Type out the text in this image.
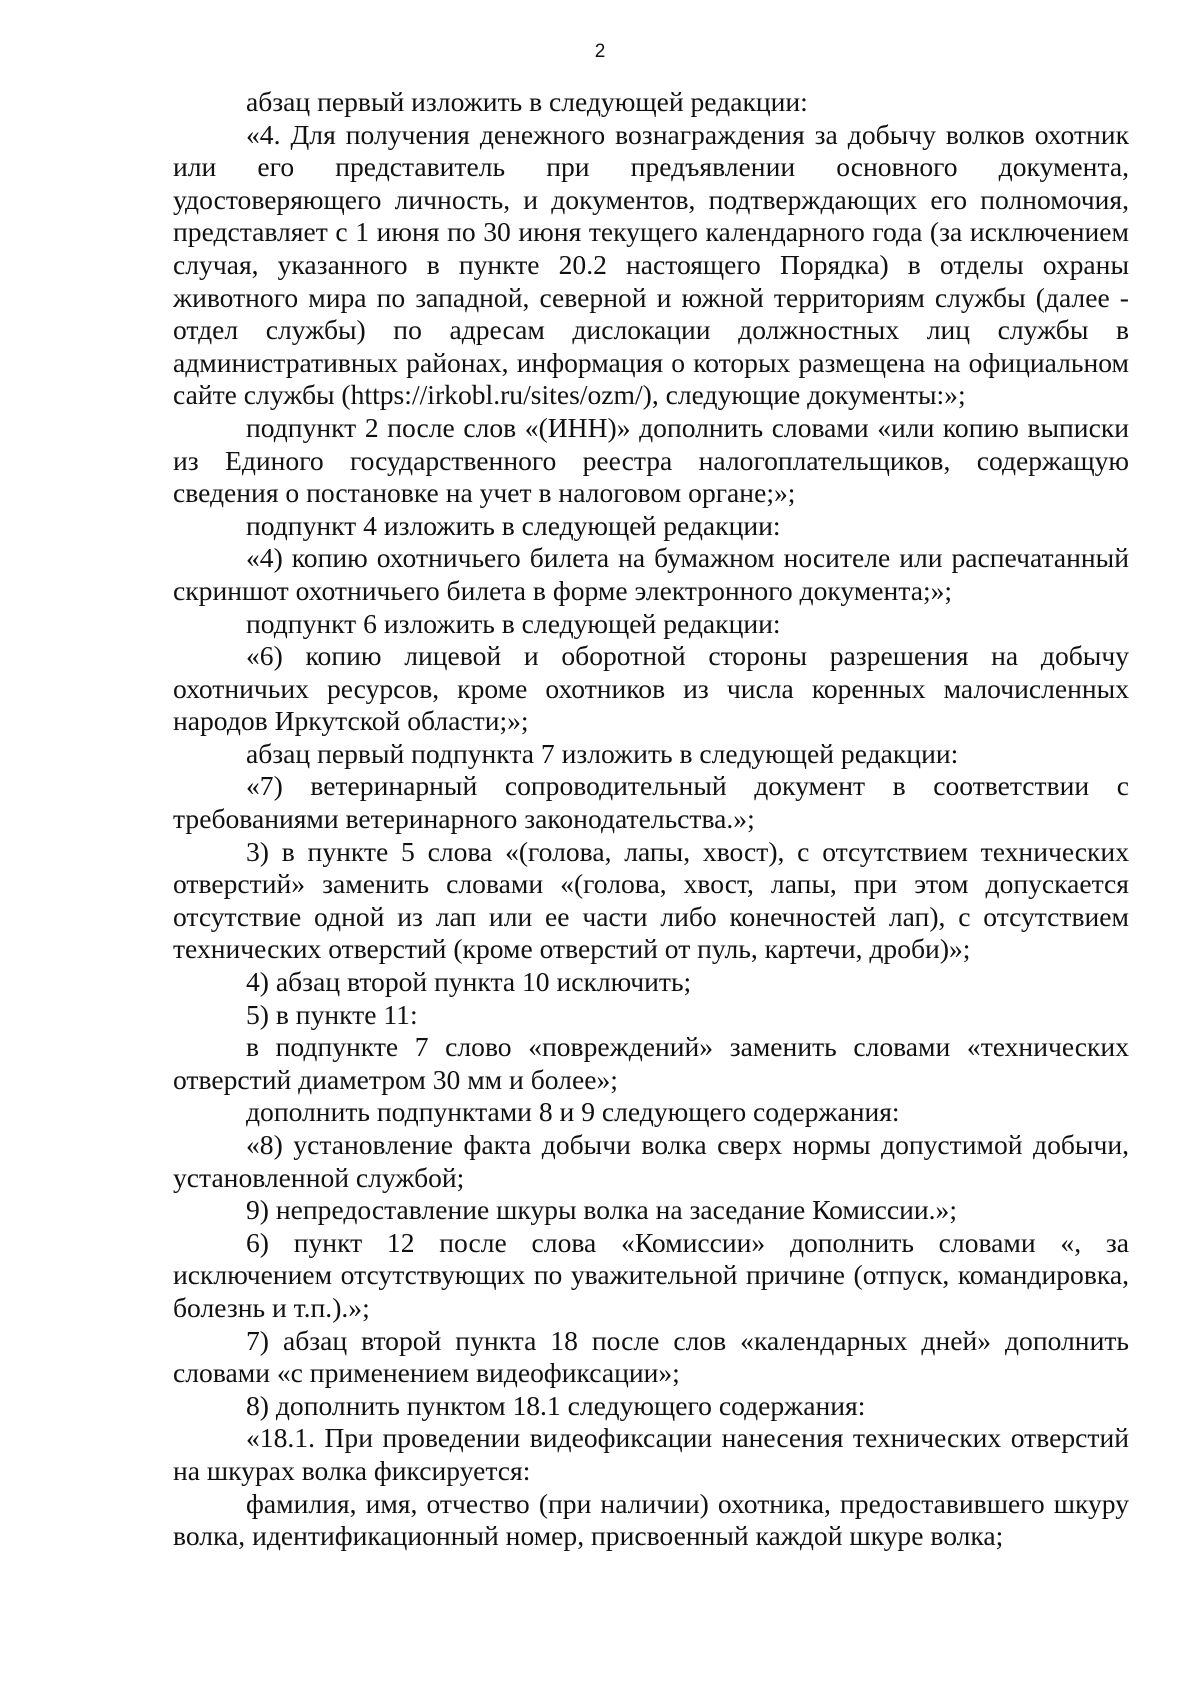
2

абзац первый изложить в следующей редакции:

«4. Для получения денежного вознаграждения за добычу волков охотник или его представитель при предъявлении основного документа, удостоверяющего личность, и документов, подтверждающих его полномочия, представляет с 1 июня по 30 июня текущего календарного года (за исключением случая, указанного в пункте 20.2 настоящего Порядка) в отделы охраны животного мира по западной, северной и южной территориям службы (далее - отдел службы) по адресам дислокации должностных лиц службы в административных районах, информация о которых размещена на официальном сайте службы (https://irkobl.ru/sites/ozm/), следующие документы:»;

подпункт 2 после слов «(ИНН)» дополнить словами «или копию выписки из Единого государственного реестра налогоплательщиков, содержащую сведения о постановке на учет в налоговом органе;»;

подпункт 4 изложить в следующей редакции:

«4) копию охотничьего билета на бумажном носителе или распечатанный скриншот охотничьего билета в форме электронного документа;»;

подпункт 6 изложить в следующей редакции:

«6) копию лицевой и оборотной стороны разрешения на добычу охотничьих ресурсов, кроме охотников из числа коренных малочисленных народов Иркутской области;»;

абзац первый подпункта 7 изложить в следующей редакции:

«7) ветеринарный сопроводительный документ в соответствии с требованиями ветеринарного законодательства.»;

3) в пункте 5 слова «(голова, лапы, хвост), с отсутствием технических отверстий» заменить словами «(голова, хвост, лапы, при этом допускается отсутствие одной из лап или ее части либо конечностей лап), с отсутствием технических отверстий (кроме отверстий от пуль, картечи, дроби)»;

4) абзац второй пункта 10 исключить;

5) в пункте 11:

в подпункте 7 слово «повреждений» заменить словами «технических отверстий диаметром 30 мм и более»;

дополнить подпунктами 8 и 9 следующего содержания:

«8) установление факта добычи волка сверх нормы допустимой добычи, установленной службой;

9) непредоставление шкуры волка на заседание Комиссии.»;

6) пункт 12 после слова «Комиссии» дополнить словами «, за исключением отсутствующих по уважительной причине (отпуск, командировка, болезнь и т.п.).»;

7) абзац второй пункта 18 после слов «календарных дней» дополнить словами «с применением видеофиксации»;

8) дополнить пунктом 18.1 следующего содержания:

«18.1. При проведении видеофиксации нанесения технических отверстий на шкурах волка фиксируется:

фамилия, имя, отчество (при наличии) охотника, предоставившего шкуру волка, идентификационный номер, присвоенный каждой шкуре волка;
